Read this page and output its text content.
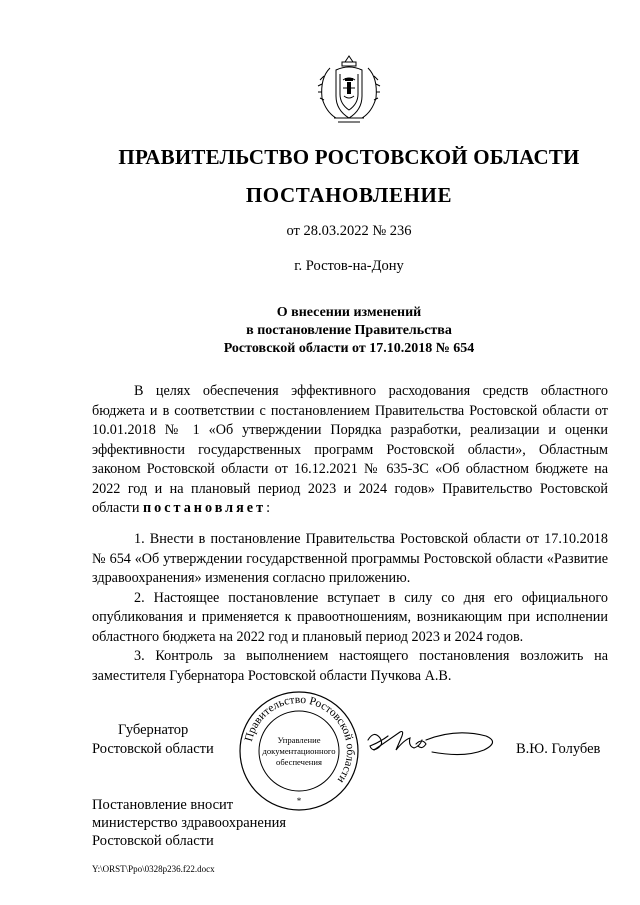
ПРАВИТЕЛЬСТВО РОСТОВСКОЙ ОБЛАСТИ
ПОСТАНОВЛЕНИЕ
от 28.03.2022 № 236
г. Ростов-на-Дону
О внесении изменений
в постановление Правительства
Ростовской области от 17.10.2018 № 654
В целях обеспечения эффективного расходования средств областного бюджета и в соответствии с постановлением Правительства Ростовской области от 10.01.2018 № 1 «Об утверждении Порядка разработки, реализации и оценки эффективности государственных программ Ростовской области», Областным законом Ростовской области от 16.12.2021 № 635-ЗС «Об областном бюджете на 2022 год и на плановый период 2023 и 2024 годов» Правительство Ростовской области постановляет:
1. Внести в постановление Правительства Ростовской области от 17.10.2018 № 654 «Об утверждении государственной программы Ростовской области «Развитие здравоохранения» изменения согласно приложению.
2. Настоящее постановление вступает в силу со дня его официального опубликования и применяется к правоотношениям, возникающим при исполнении областного бюджета на 2022 год и плановый период 2023 и 2024 годов.
3. Контроль за выполнением настоящего постановления возложить на заместителя Губернатора Ростовской области Пучкова А.В.
Губернатор
Ростовской области
Правительство Ростовской области
Управление
документационного
обеспечения
*
В.Ю. Голубев
Постановление вносит
министерство здравоохранения
Ростовской области
Y:\ORST\Ppo\0328p236.f22.docx
